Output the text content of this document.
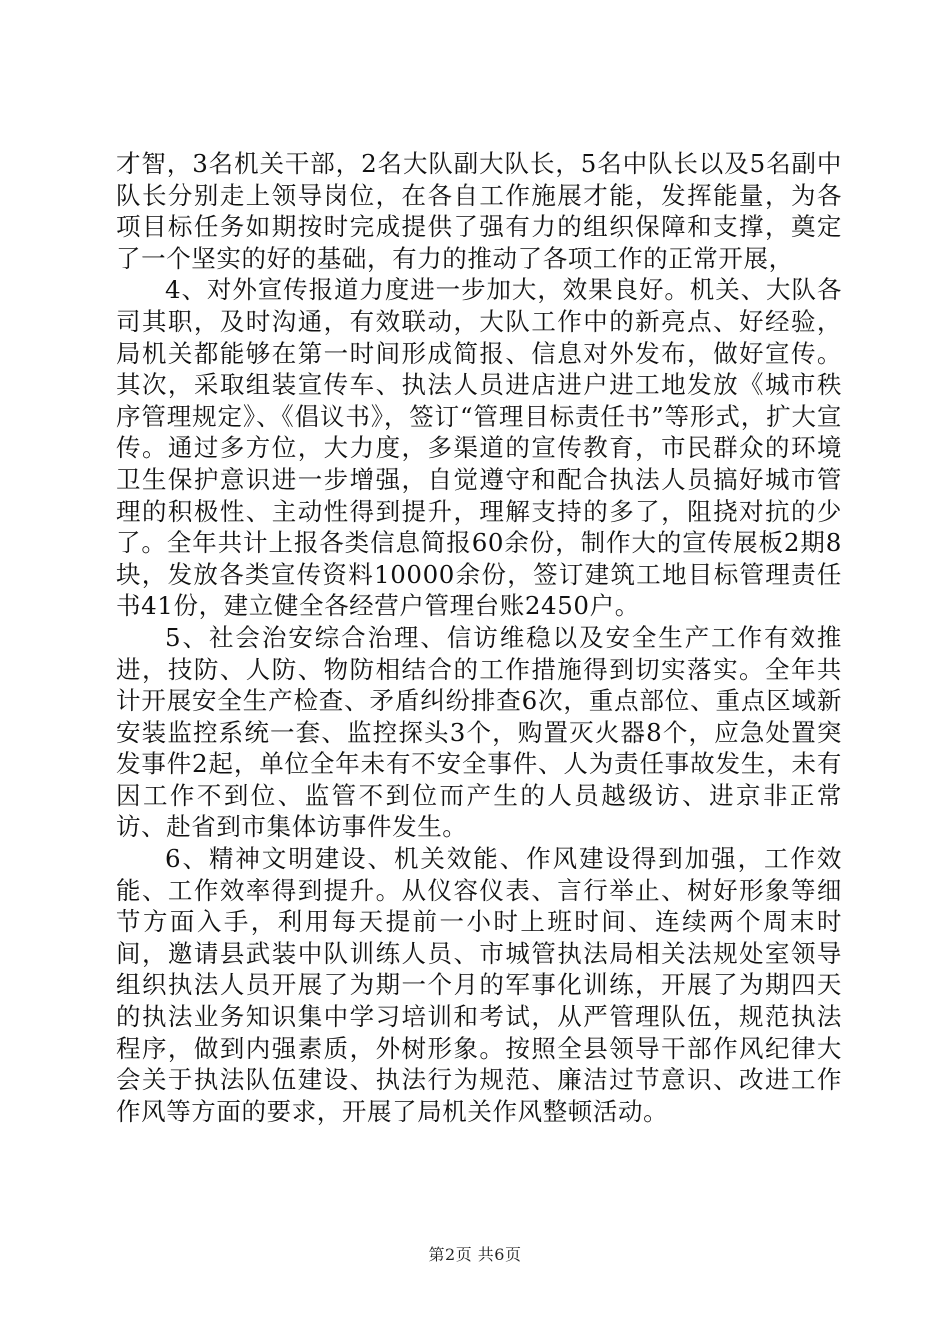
才智，3名机关干部，2名大队副大队长，5名中队长以及5名副中队长分别走上领导岗位，在各自工作施展才能，发挥能量，为各项目标任务如期按时完成提供了强有力的组织保障和支撑，奠定了一个坚实的好的基础，有力的推动了各项工作的正常开展，

4、对外宣传报道力度进一步加大，效果良好。机关、大队各司其职，及时沟通，有效联动，大队工作中的新亮点、好经验，局机关都能够在第一时间形成简报、信息对外发布，做好宣传。其次，采取组装宣传车、执法人员进店进户进工地发放《城市秩序管理规定》、《倡议书》，签订“管理目标责任书”等形式，扩大宣传。通过多方位，大力度，多渠道的宣传教育，市民群众的环境卫生保护意识进一步增强，自觉遵守和配合执法人员搞好城市管理的积极性、主动性得到提升，理解支持的多了，阻挠对抗的少了。全年共计上报各类信息简报60余份，制作大的宣传展板2期8块，发放各类宣传资料10000余份，签订建筑工地目标管理责任书41份，建立健全各经营户管理台账2450户。

5、社会治安综合治理、信访维稳以及安全生产工作有效推进，技防、人防、物防相结合的工作措施得到切实落实。全年共计开展安全生产检查、矛盾纠纷排查6次，重点部位、重点区域新安装监控系统一套、监控探头3个，购置灭火器8个，应急处置突发事件2起，单位全年未有不安全事件、人为责任事故发生，未有因工作不到位、监管不到位而产生的人员越级访、进京非正常访、赴省到市集体访事件发生。

6、精神文明建设、机关效能、作风建设得到加强，工作效能、工作效率得到提升。从仪容仪表、言行举止、树好形象等细节方面入手，利用每天提前一小时上班时间、连续两个周末时间，邀请县武装中队训练人员、市城管执法局相关法规处室领导组织执法人员开展了为期一个月的军事化训练，开展了为期四天的执法业务知识集中学习培训和考试，从严管理队伍，规范执法程序，做到内强素质，外树形象。按照全县领导干部作风纪律大会关于执法队伍建设、执法行为规范、廉洁过节意识、改进工作作风等方面的要求，开展了局机关作风整顿活动。

第2页 共6页
